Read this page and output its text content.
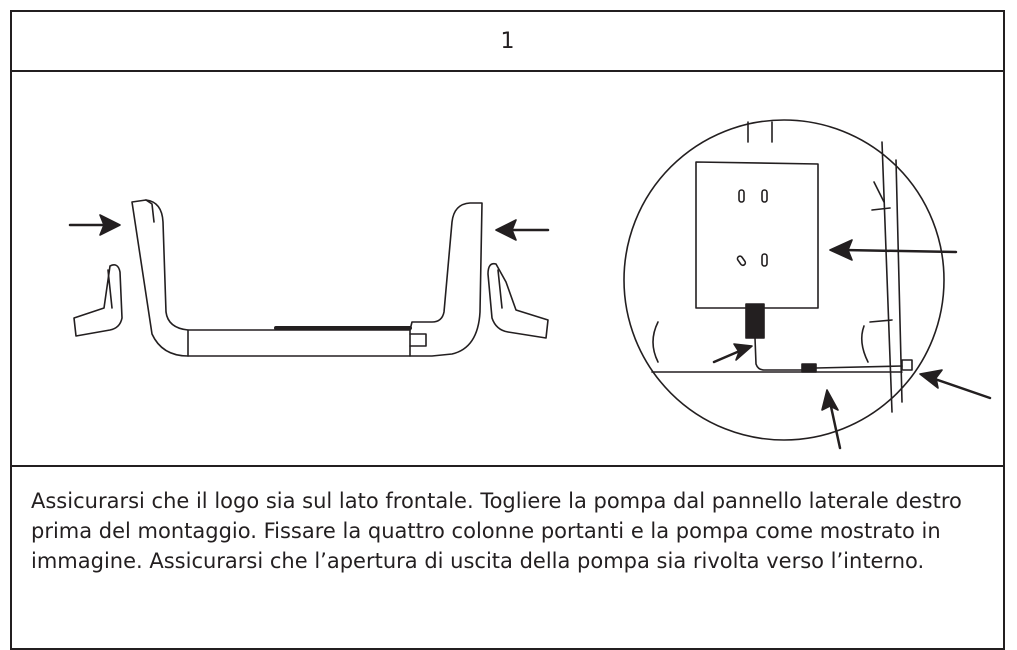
1

Assicurarsi che il logo sia sul lato frontale. Togliere la pompa dal pannello laterale destro prima del montaggio. Fissare la quattro colonne portanti e la pompa come mostrato in immagine. Assicurarsi che l’apertura di uscita della pompa sia rivolta verso l’interno.
